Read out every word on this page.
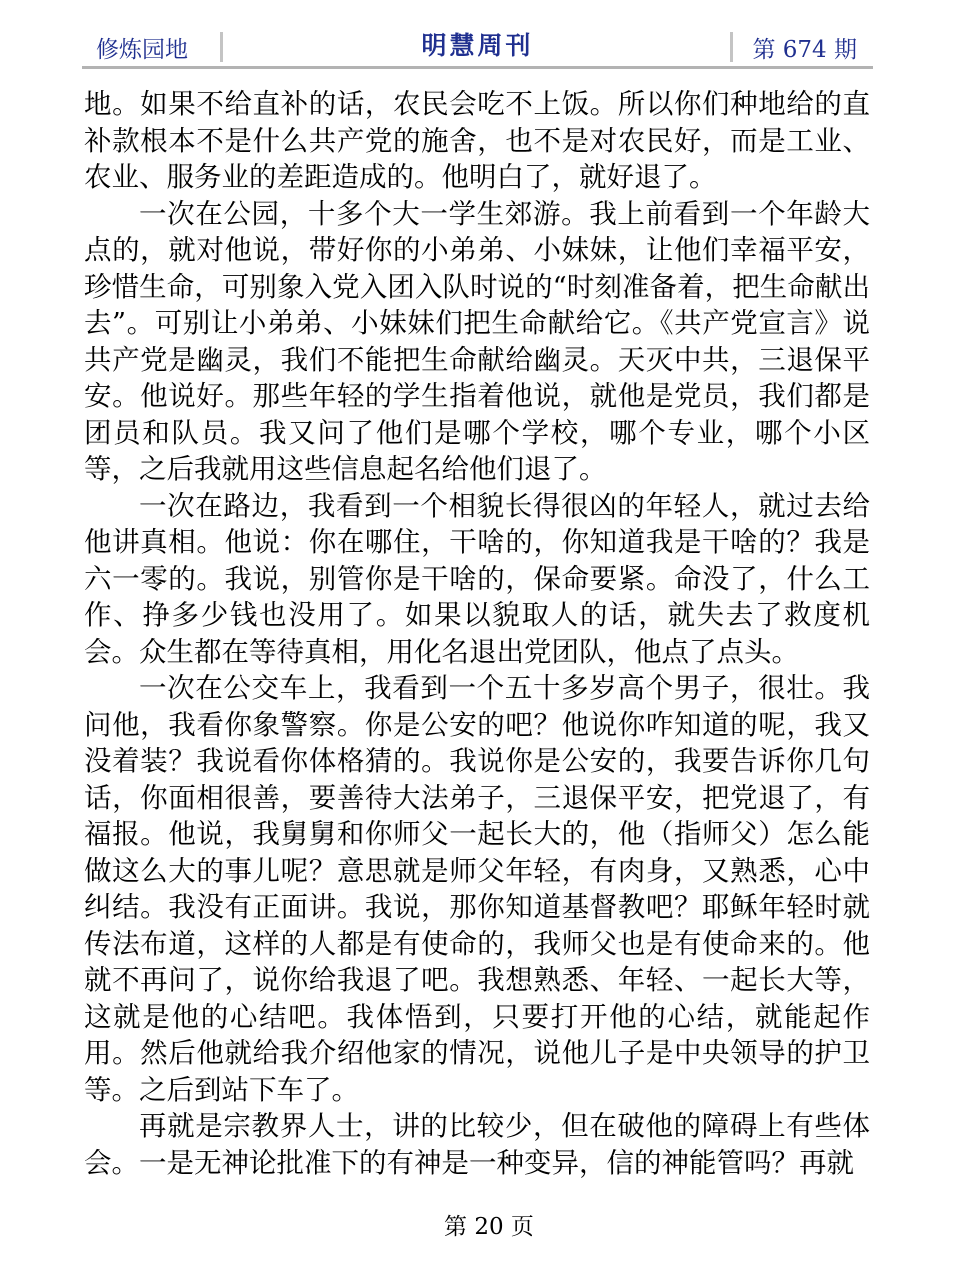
修炼园地	明慧周刊	第 674 期

地。如果不给直补的话，农民会吃不上饭。所以你们种地给的直补款根本不是什么共产党的施舍，也不是对农民好，而是工业、农业、服务业的差距造成的。他明白了，就好退了。

一次在公园，十多个大一学生郊游。我上前看到一个年龄大点的，就对他说，带好你的小弟弟、小妹妹，让他们幸福平安，珍惜生命，可别象入党入团入队时说的“时刻准备着，把生命献出去”。可别让小弟弟、小妹妹们把生命献给它。《共产党宣言》说共产党是幽灵，我们不能把生命献给幽灵。天灭中共，三退保平安。他说好。那些年轻的学生指着他说，就他是党员，我们都是团员和队员。我又问了他们是哪个学校，哪个专业，哪个小区等，之后我就用这些信息起名给他们退了。

一次在路边，我看到一个相貌长得很凶的年轻人，就过去给他讲真相。他说：你在哪住，干啥的，你知道我是干啥的？我是六一零的。我说，别管你是干啥的，保命要紧。命没了，什么工作、挣多少钱也没用了。如果以貌取人的话，就失去了救度机会。众生都在等待真相，用化名退出党团队，他点了点头。

一次在公交车上，我看到一个五十多岁高个男子，很壮。我问他，我看你象警察。你是公安的吧？他说你咋知道的呢，我又没着装？我说看你体格猜的。我说你是公安的，我要告诉你几句话，你面相很善，要善待大法弟子，三退保平安，把党退了，有福报。他说，我舅舅和你师父一起长大的，他（指师父）怎么能做这么大的事儿呢？意思就是师父年轻，有肉身，又熟悉，心中纠结。我没有正面讲。我说，那你知道基督教吧？耶稣年轻时就传法布道，这样的人都是有使命的，我师父也是有使命来的。他就不再问了，说你给我退了吧。我想熟悉、年轻、一起长大等，这就是他的心结吧。我体悟到，只要打开他的心结，就能起作用。然后他就给我介绍他家的情况，说他儿子是中央领导的护卫等。之后到站下车了。

再就是宗教界人士，讲的比较少，但在破他的障碍上有些体会。一是无神论批准下的有神是一种变异，信的神能管吗？再就

第 20 页
